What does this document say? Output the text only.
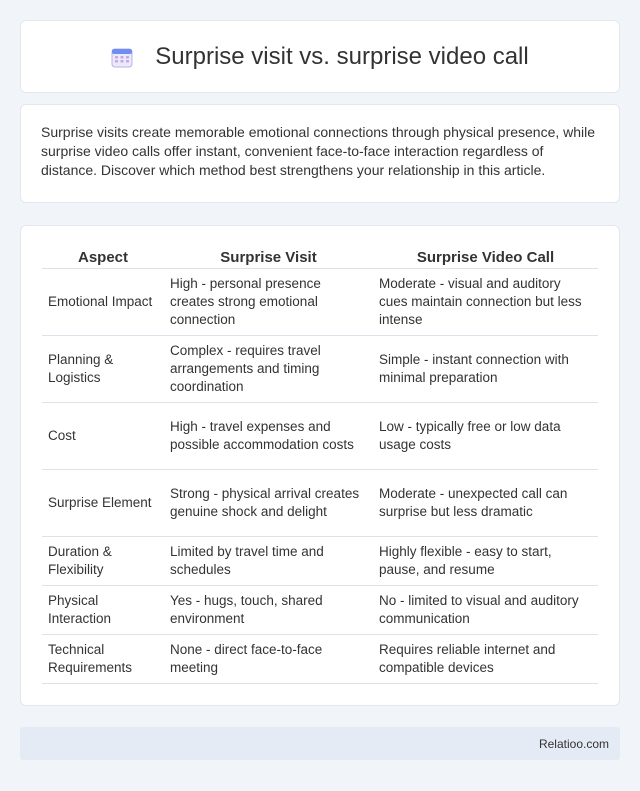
Surprise visit vs. surprise video call

Surprise visits create memorable emotional connections through physical presence, while surprise video calls offer instant, convenient face-to-face interaction regardless of distance. Discover which method best strengthens your relationship in this article.

Aspect	Surprise Visit	Surprise Video Call
Emotional Impact	High - personal presence creates strong emotional connection	Moderate - visual and auditory cues maintain connection but less intense
Planning & Logistics	Complex - requires travel arrangements and timing coordination	Simple - instant connection with minimal preparation
Cost	High - travel expenses and possible accommodation costs	Low - typically free or low data usage costs
Surprise Element	Strong - physical arrival creates genuine shock and delight	Moderate - unexpected call can surprise but less dramatic
Duration & Flexibility	Limited by travel time and schedules	Highly flexible - easy to start, pause, and resume
Physical Interaction	Yes - hugs, touch, shared environment	No - limited to visual and auditory communication
Technical Requirements	None - direct face-to-face meeting	Requires reliable internet and compatible devices
Relatioo.com
